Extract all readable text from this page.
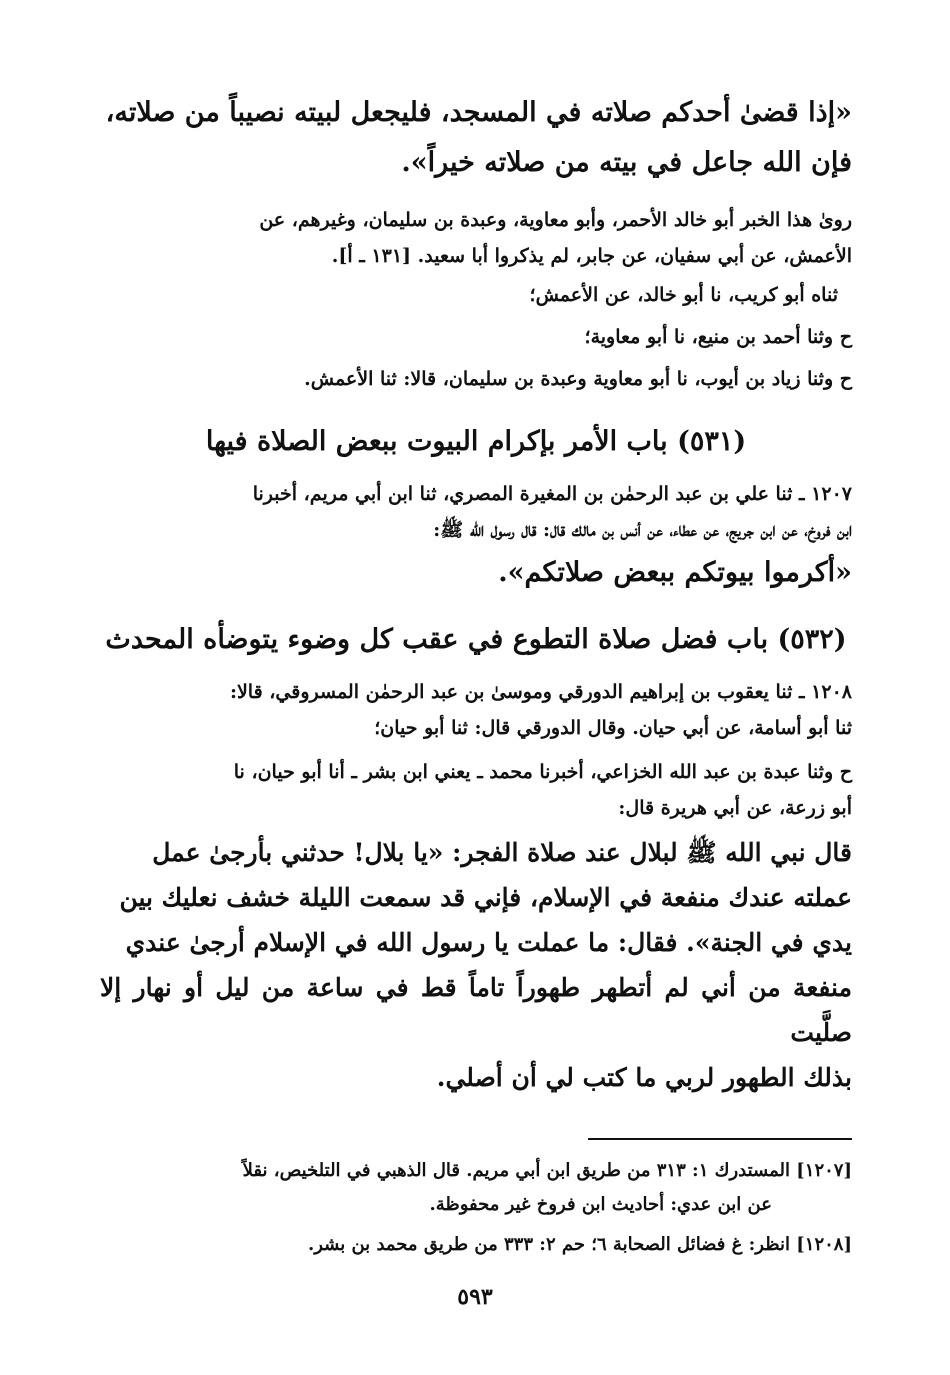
«إذا قضىٰ أحدكم صلاته في المسجد، فليجعل لبيته نصيباً من صلاته،

فإن الله جاعل في بيته من صلاته خيراً».

رویٰ هذا الخبر أبو خالد الأحمر، وأبو معاوية، وعبدة بن سليمان، وغيرهم، عن

الأعمش، عن أبي سفيان، عن جابر، لم يذكروا أبا سعيد. [١٣١ ـ أ].

ثناه أبو كريب، نا أبو خالد، عن الأعمش؛

ح وثنا أحمد بن منيع، نا أبو معاوية؛

ح وثنا زياد بن أيوب، نا أبو معاوية وعبدة بن سليمان، قالا: ثنا الأعمش.

(٥٣١) باب الأمر بإكرام البيوت ببعض الصلاة فيها

١٢٠٧ ـ ثنا علي بن عبد الرحمٰن بن المغيرة المصري، ثنا ابن أبي مريم، أخبرنا

ابن فروخ، عن ابن جريج، عن عطاء، عن أنس بن مالك قال: قال رسول الله ﷺ:

«أكرموا بيوتكم ببعض صلاتكم».

(٥٣٢) باب فضل صلاة التطوع في عقب كل وضوء يتوضأه المحدث

١٢٠٨ ـ ثنا يعقوب بن إبراهيم الدورقي وموسىٰ بن عبد الرحمٰن المسروقي، قالا:

ثنا أبو أسامة، عن أبي حيان. وقال الدورقي قال: ثنا أبو حيان؛

ح وثنا عبدة بن عبد الله الخزاعي، أخبرنا محمد ـ يعني ابن بشر ـ أنا أبو حيان، نا

أبو زرعة، عن أبي هريرة قال:

قال نبي الله ﷺ لبلال عند صلاة الفجر: «يا بلال! حدثني بأرجىٰ عمل

عملته عندك منفعة في الإسلام، فإني قد سمعت الليلة خشف نعليك بين

يدي في الجنة». فقال: ما عملت يا رسول الله في الإسلام أرجىٰ عندي

منفعة من أني لم أتطهر طهوراً تاماً قط في ساعة من ليل أو نهار إلا صلَّيت

بذلك الطهور لربي ما كتب لي أن أصلي.

[١٢٠٧] المستدرك ١: ٣١٣ من طريق ابن أبي مريم. قال الذهبي في التلخيص، نقلاً

عن ابن عدي: أحاديث ابن فروخ غير محفوظة.

[١٢٠٨] انظر: غ فضائل الصحابة ٦؛ حم ٢: ٣٣٣ من طريق محمد بن بشر.

٥٩٣
